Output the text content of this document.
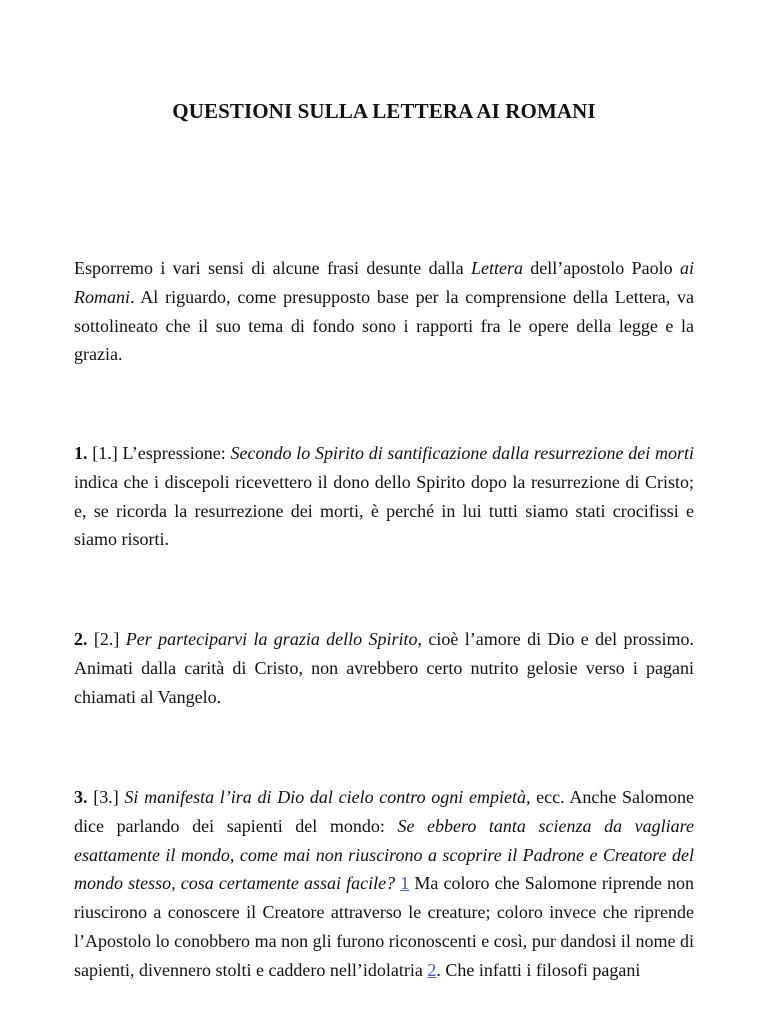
QUESTIONI SULLA LETTERA AI ROMANI

Esporremo i vari sensi di alcune frasi desunte dalla Lettera dell’apostolo Paolo ai Romani. Al riguardo, come presupposto base per la comprensione della Lettera, va sottolineato che il suo tema di fondo sono i rapporti fra le opere della legge e la grazia.

1. [1.] L’espressione: Secondo lo Spirito di santificazione dalla resurrezione dei morti indica che i discepoli ricevettero il dono dello Spirito dopo la resurrezione di Cristo; e, se ricorda la resurrezione dei morti, è perché in lui tutti siamo stati crocifissi e siamo risorti.

2. [2.] Per parteciparvi la grazia dello Spirito, cioè l’amore di Dio e del prossimo. Animati dalla carità di Cristo, non avrebbero certo nutrito gelosie verso i pagani chiamati al Vangelo.

3. [3.] Si manifesta l’ira di Dio dal cielo contro ogni empietà, ecc. Anche Salomone dice parlando dei sapienti del mondo: Se ebbero tanta scienza da vagliare esattamente il mondo, come mai non riuscirono a scoprire il Padrone e Creatore del mondo stesso, cosa certamente assai facile? 1 Ma coloro che Salomone riprende non riuscirono a conoscere il Creatore attraverso le creature; coloro invece che riprende l’Apostolo lo conobbero ma non gli furono riconoscenti e così, pur dandosi il nome di sapienti, divennero stolti e caddero nell’idolatria 2. Che infatti i filosofi pagani
